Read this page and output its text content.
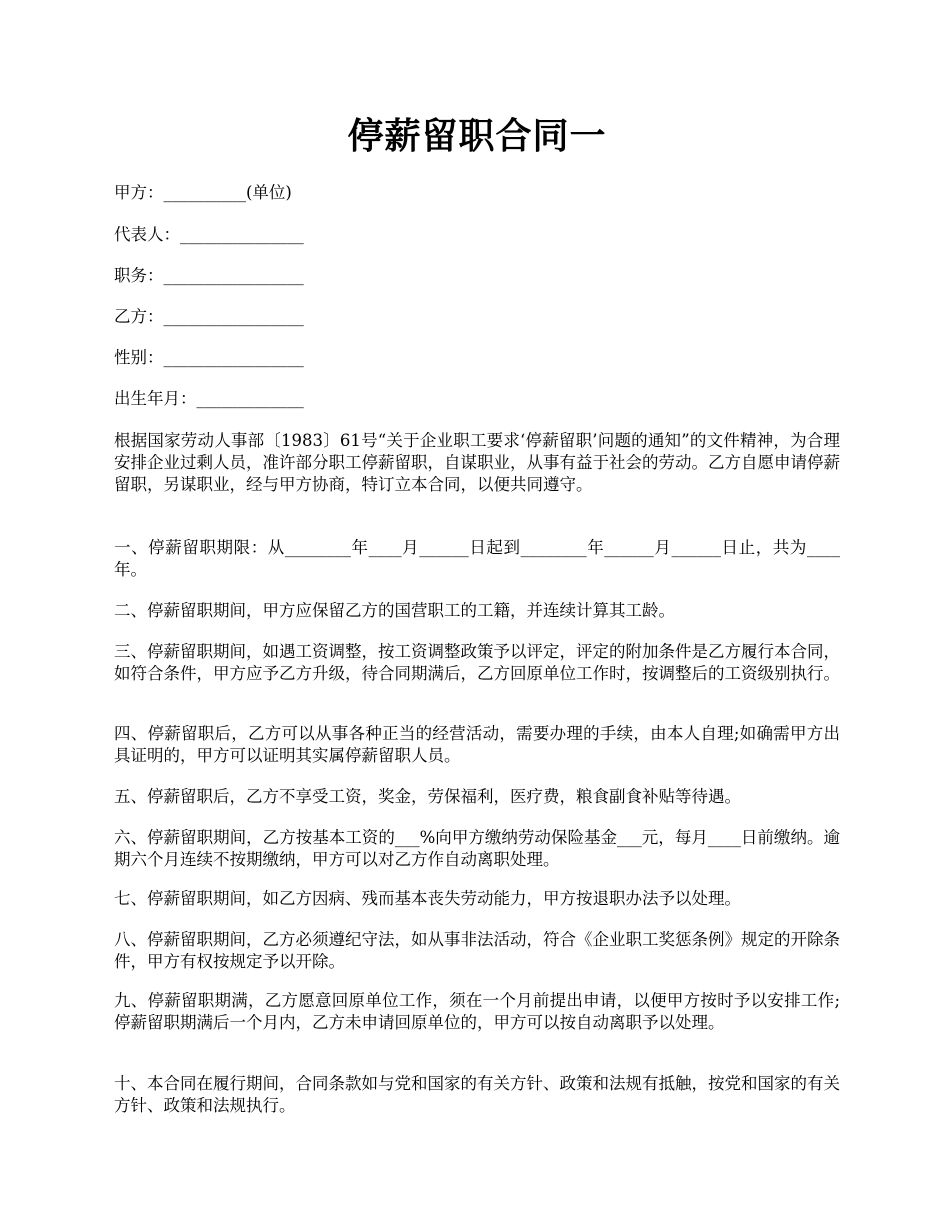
停薪留职合同一
甲方：__________(单位)
代表人：_______________
职务：_________________
乙方：_________________
性别：_________________
出生年月：_____________
根据国家劳动人事部〔1983〕61号“关于企业职工要求‘停薪留职’问题的通知”的文件精神，为合理安排企业过剩人员，准许部分职工停薪留职，自谋职业，从事有益于社会的劳动。乙方自愿申请停薪留职，另谋职业，经与甲方协商，特订立本合同，以便共同遵守。
一、停薪留职期限：从________年____月______日起到________年______月______日止，共为____年。
二、停薪留职期间，甲方应保留乙方的国营职工的工籍，并连续计算其工龄。
三、停薪留职期间，如遇工资调整，按工资调整政策予以评定，评定的附加条件是乙方履行本合同，如符合条件，甲方应予乙方升级，待合同期满后，乙方回原单位工作时，按调整后的工资级别执行。
四、停薪留职后，乙方可以从事各种正当的经营活动，需要办理的手续，由本人自理;如确需甲方出具证明的，甲方可以证明其实属停薪留职人员。
五、停薪留职后，乙方不享受工资，奖金，劳保福利，医疗费，粮食副食补贴等待遇。
六、停薪留职期间，乙方按基本工资的___%向甲方缴纳劳动保险基金___元，每月____日前缴纳。逾期六个月连续不按期缴纳，甲方可以对乙方作自动离职处理。
七、停薪留职期间，如乙方因病、残而基本丧失劳动能力，甲方按退职办法予以处理。
八、停薪留职期间，乙方必须遵纪守法，如从事非法活动，符合《企业职工奖惩条例》规定的开除条件，甲方有权按规定予以开除。
九、停薪留职期满，乙方愿意回原单位工作，须在一个月前提出申请，以便甲方按时予以安排工作;停薪留职期满后一个月内，乙方未申请回原单位的，甲方可以按自动离职予以处理。
十、本合同在履行期间，合同条款如与党和国家的有关方针、政策和法规有抵触，按党和国家的有关方针、政策和法规执行。
